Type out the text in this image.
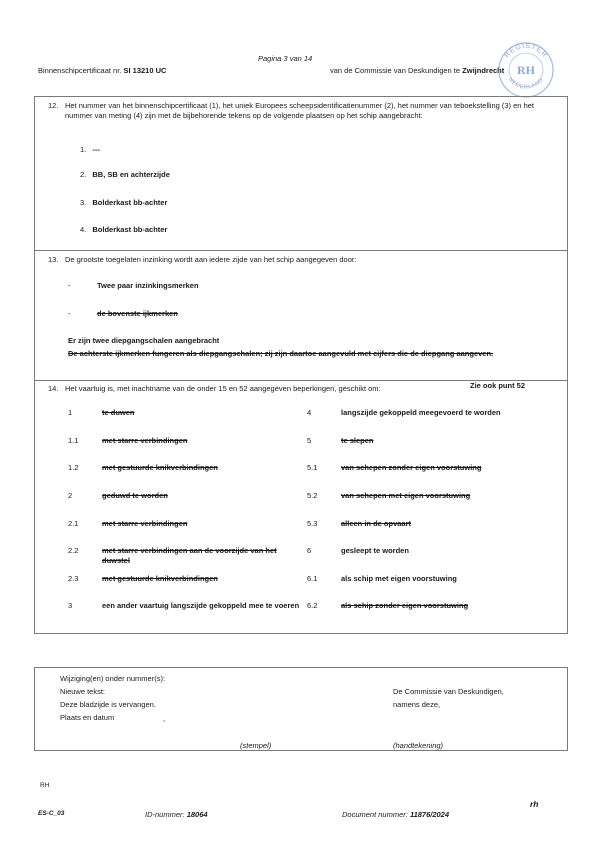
Pagina 3 van 14
Binnenschipcertificaat nr. SI 13210 UC	van de Commissie van Deskundigen te Zwijndrecht
REGISTER
RH
NEDERLAND
12. Het nummer van het binnenschipcertificaat (1), het uniek Europees scheepsidentificatienummer (2), het nummer van teboekstelling (3) en het nummer van meting (4) zijn met de bijbehorende tekens op de volgende plaatsen op het schip aangebracht:
1. ---
2. BB, SB en achterzijde
3. Bolderkast bb-achter
4. Bolderkast bb-achter
13. De grootste toegelaten inzinking wordt aan iedere zijde van het schip aangegeven door:
-	Twee paar inzinkingsmerken
-	de bovenste ijkmerken
Er zijn twee diepgangschalen aangebracht
De achterste ijkmerken fungeren als diepgangschalen; zij zijn daartoe aangevuld met cijfers die de diepgang aangeven.
14. Het vaartuig is, met inachtname van de onder 15 en 52 aangegeven beperkingen, geschikt om:	Zie ook punt 52
1	te duwen
1.1	met starre verbindingen
1.2	met gestuurde knikverbindingen
2	geduwd te worden
2.1	met starre verbindingen
2.2	met starre verbindingen aan de voorzijde van het duwstel
2.3	met gestuurde knikverbindingen
3	een ander vaartuig langszijde gekoppeld mee te voeren
4	langszijde gekoppeld meegevoerd te worden
5	te slepen
5.1	van schepen zonder eigen voorstuwing
5.2	van schepen met eigen voorstuwing
5.3	alleen in de opvaart
6	gesleept te worden
6.1	als schip met eigen voorstuwing
6.2	als schip zonder eigen voorstuwing
Wijziging(en) onder nummer(s):
Nieuwe tekst:
Deze bladzijde is vervangen.
Plaats en datum	,
De Commissie van Deskundigen,
namens deze,
(stempel)	(handtekening)
RH
rh
ES-C_03	ID-nummer: 18064	Document nummer: 11876/2024
